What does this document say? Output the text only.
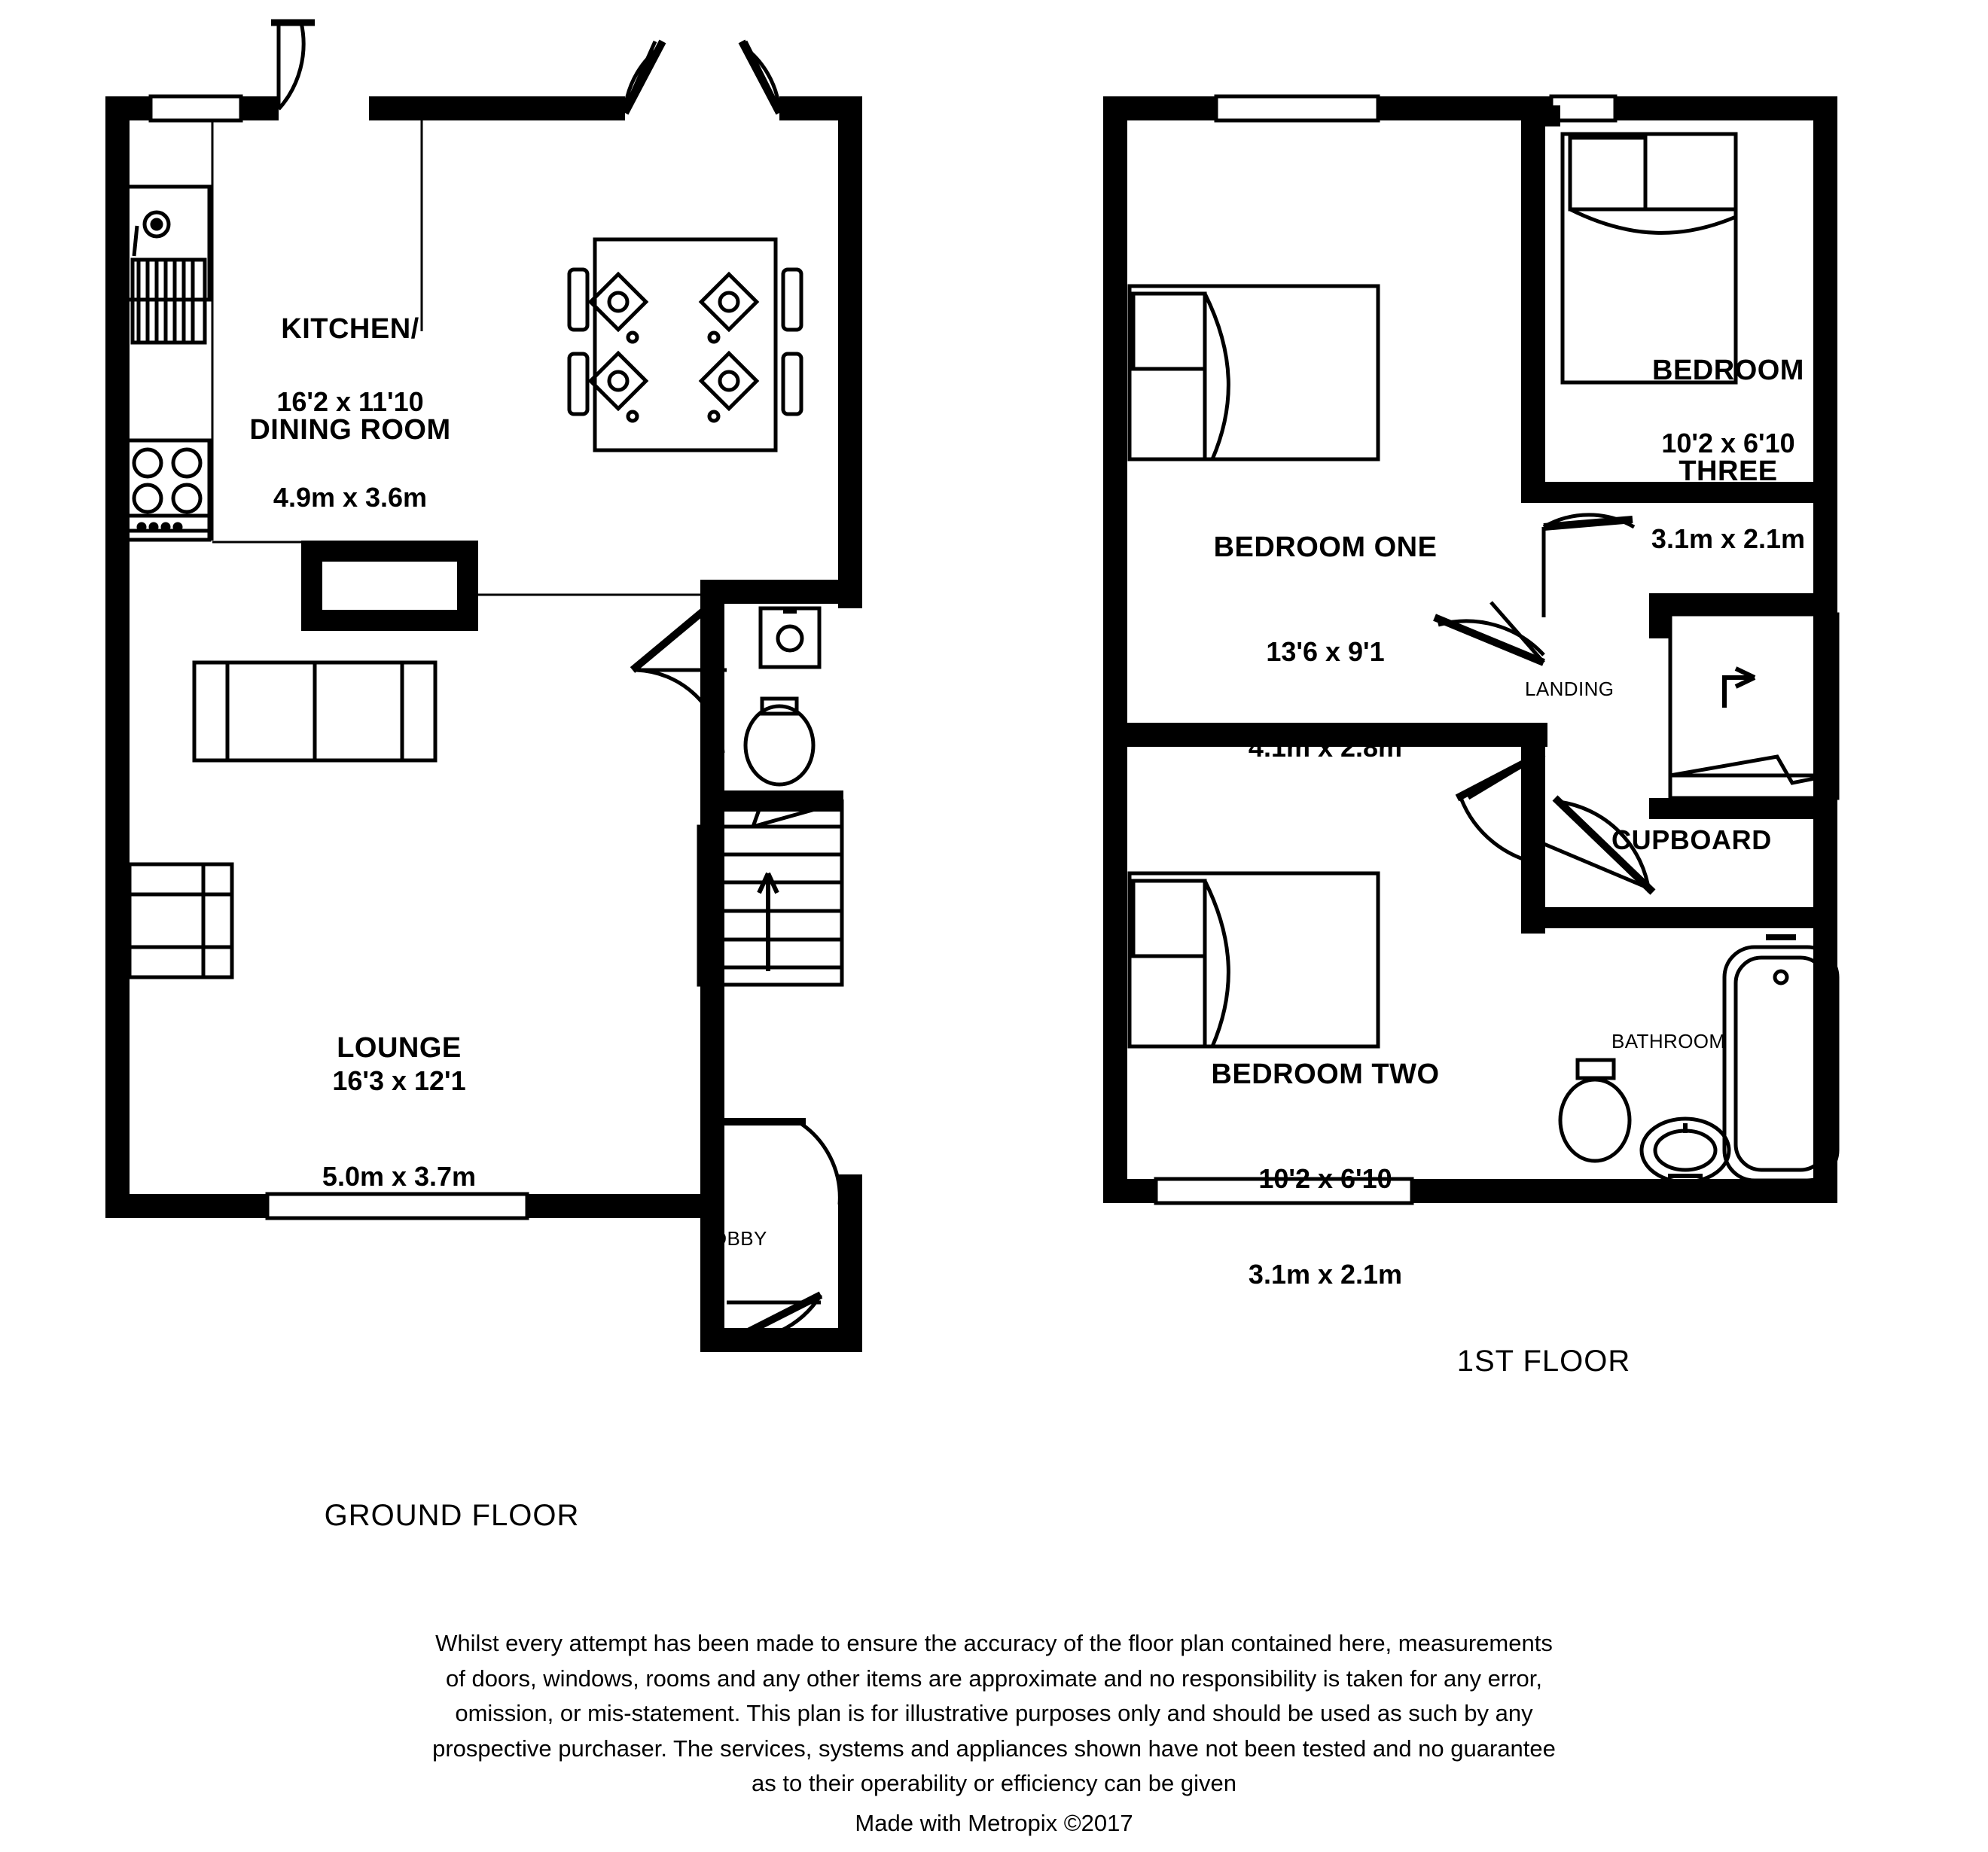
KITCHEN/

DINING ROOM

16'2 x 11'10

4.9m x 3.6m

LOUNGE

16'3 x 12'1

5.0m x 3.7m

LOBBY
GROUND FLOOR
BEDROOM ONE

13'6 x 9'1

4.1m x 2.8m

BEDROOM TWO

10'2 x 6'10

3.1m x 2.1m

BEDROOM

THREE

10'2 x 6'10

3.1m x 2.1m

LANDING
CUPBOARD
BATHROOM
1ST FLOOR
Whilst every attempt has been made to ensure the accuracy of the floor plan contained here, measurements
of doors, windows, rooms and any other items are approximate and no responsibility is taken for any error,
omission, or mis-statement. This plan is for illustrative purposes only and should be used as such by any
prospective purchaser. The services, systems and appliances shown have not been tested and no guarantee
as to their operability or efficiency can be given
Made with Metropix ©2017
